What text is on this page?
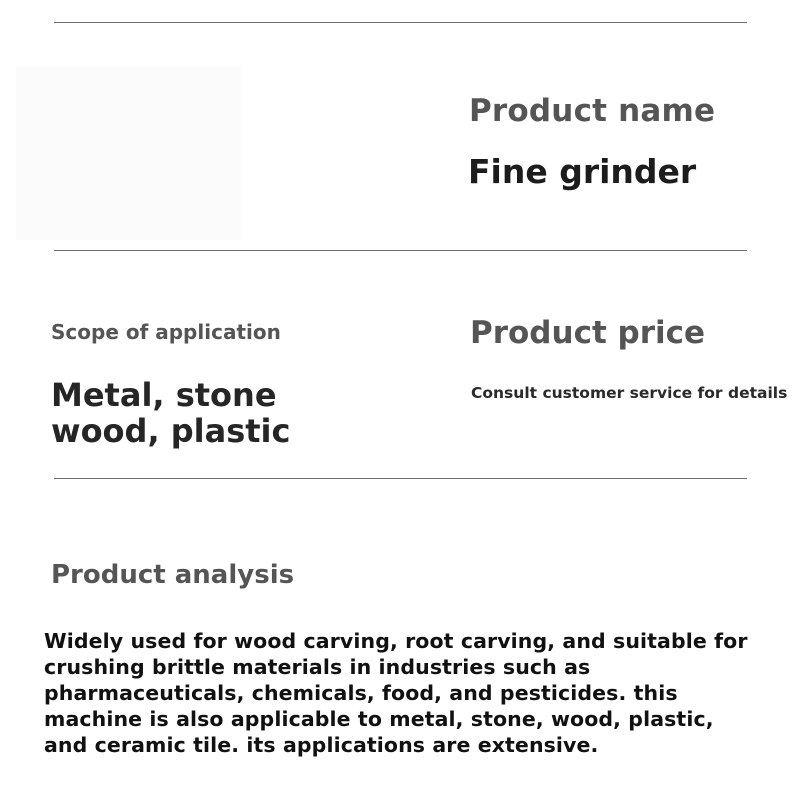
Product name
Fine grinder
Scope of application
Metal, stone wood, plastic
Product price
Consult customer service for details
Product analysis

Widely used for wood carving, root carving, and suitable for crushing brittle materials in industries such as pharmaceuticals, chemicals, food, and pesticides. this machine is also applicable to metal, stone, wood, plastic, and ceramic tile. its applications are extensive.
